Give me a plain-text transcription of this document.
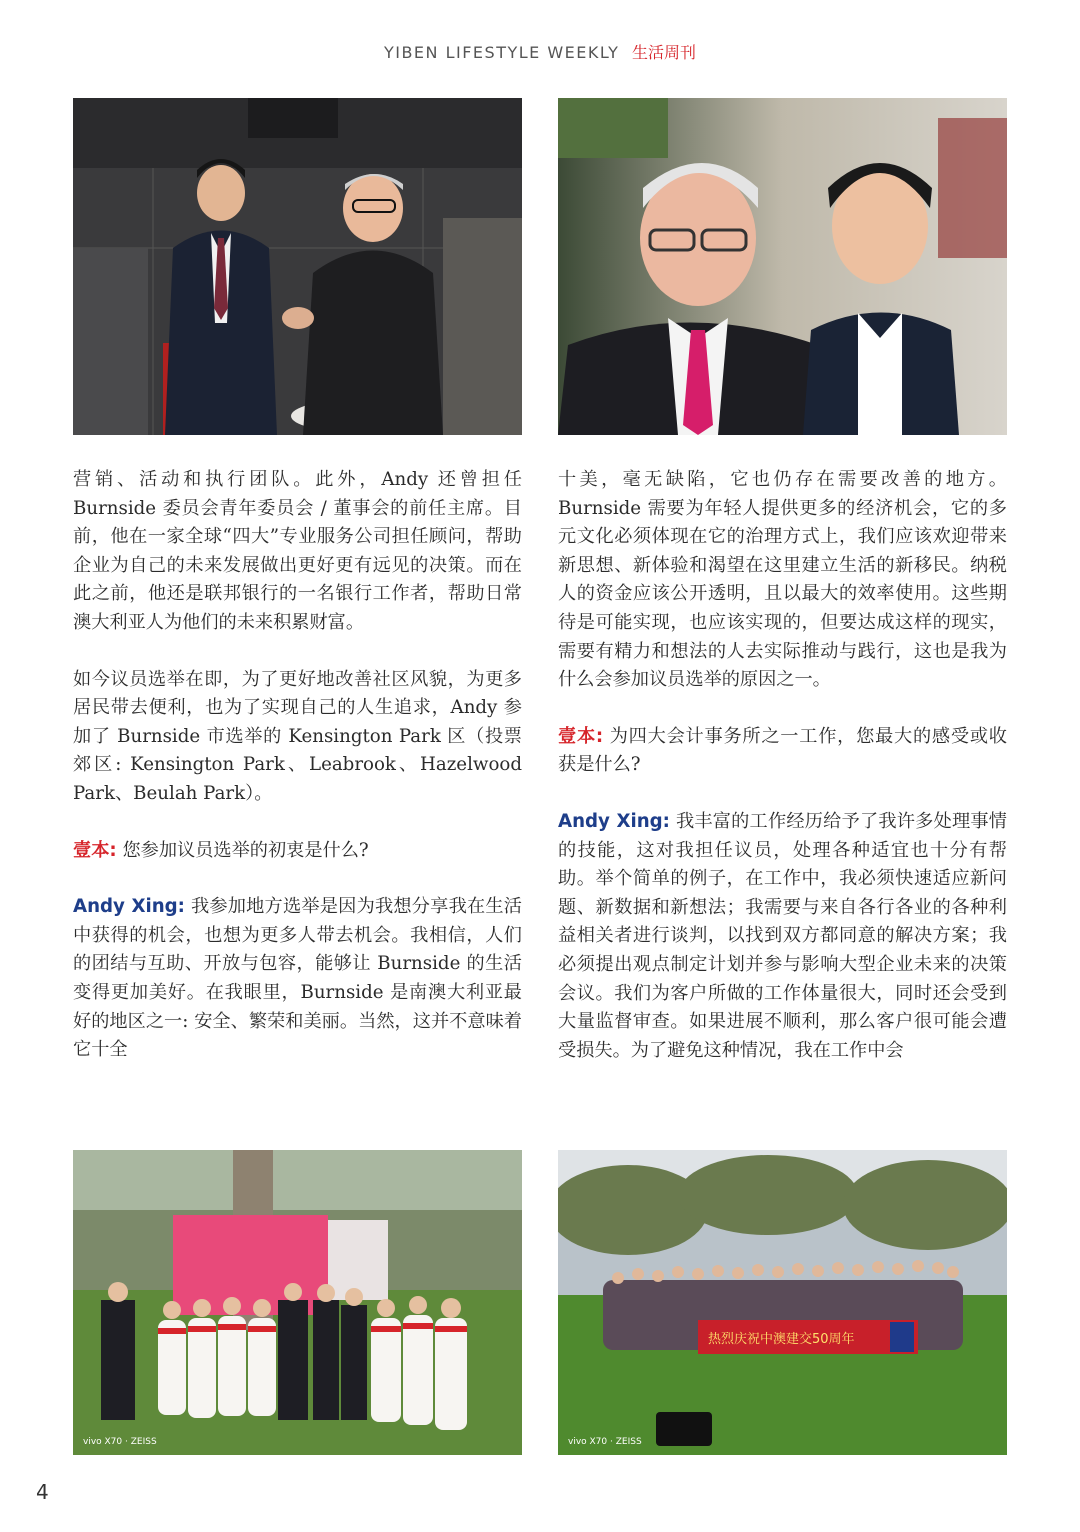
YIBEN LIFESTYLE WEEKLY 生活周刊

营销、活动和执行团队。此外，Andy 还曾担任 Burnside 委员会青年委员会 / 董事会的前任主席。目前，他在一家全球“四大”专业服务公司担任顾问，帮助企业为自己的未来发展做出更好更有远见的决策。而在此之前，他还是联邦银行的一名银行工作者，帮助日常澳大利亚人为他们的未来积累财富。

如今议员选举在即，为了更好地改善社区风貌，为更多居民带去便利，也为了实现自己的人生追求，Andy 参加了 Burnside 市选举的 Kensington Park 区（投票郊区: Kensington Park、Leabrook、Hazelwood Park、Beulah Park）。

壹本: 您参加议员选举的初衷是什么?

Andy Xing: 我参加地方选举是因为我想分享我在生活中获得的机会，也想为更多人带去机会。我相信，人们的团结与互助、开放与包容，能够让 Burnside 的生活变得更加美好。在我眼里，Burnside 是南澳大利亚最好的地区之一: 安全、繁荣和美丽。当然，这并不意味着它十全

十美，毫无缺陷，它也仍存在需要改善的地方。Burnside 需要为年轻人提供更多的经济机会，它的多元文化必须体现在它的治理方式上，我们应该欢迎带来新思想、新体验和渴望在这里建立生活的新移民。纳税人的资金应该公开透明，且以最大的效率使用。这些期待是可能实现，也应该实现的，但要达成这样的现实，需要有精力和想法的人去实际推动与践行，这也是我为什么会参加议员选举的原因之一。

壹本: 为四大会计事务所之一工作，您最大的感受或收获是什么?

Andy Xing: 我丰富的工作经历给予了我许多处理事情的技能，这对我担任议员，处理各种适宜也十分有帮助。举个简单的例子，在工作中，我必须快速适应新问题、新数据和新想法；我需要与来自各行各业的各种利益相关者进行谈判，以找到双方都同意的解决方案；我必须提出观点制定计划并参与影响大型企业未来的决策会议。我们为客户所做的工作体量很大，同时还会受到大量监督审查。如果进展不顺利，那么客户很可能会遭受损失。为了避免这种情况，我在工作中会

vivo X70 · ZEISS
热烈庆祝中澳建交50周年
vivo X70 · ZEISS
4
